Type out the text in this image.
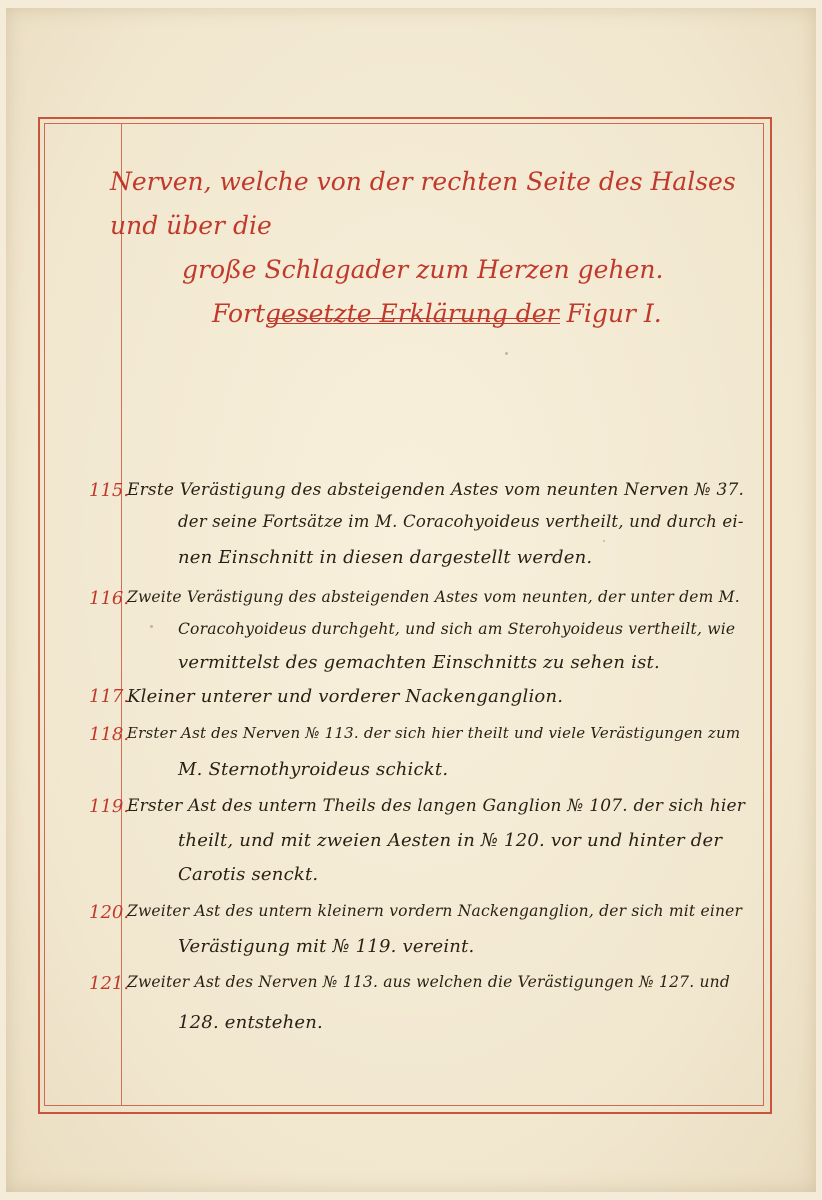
Nerven, welche von der rechten Seite des Halses und über die
große Schlagader zum Herzen gehen.
Fortgesetzte Erklärung der Figur I.
115.
Erste Verästigung des absteigenden Astes vom neunten Nerven № 37.
der seine Fortsätze im M. Coracohyoideus vertheilt, und durch ei-
nen Einschnitt in diesen dargestellt werden.
116.
Zweite Verästigung des absteigenden Astes vom neunten, der unter dem M.
Coracohyoideus durchgeht, und sich am Sterohyoideus vertheilt, wie
vermittelst des gemachten Einschnitts zu sehen ist.
117.
Kleiner unterer und vorderer Nackenganglion.
118.
Erster Ast des Nerven № 113. der sich hier theilt und viele Verästigungen zum
M. Sternothyroideus schickt.
119.
Erster Ast des untern Theils des langen Ganglion № 107. der sich hier
theilt, und mit zweien Aesten in № 120. vor und hinter der
Carotis senckt.
120.
Zweiter Ast des untern kleinern vordern Nackenganglion, der sich mit einer
Verästigung mit № 119. vereint.
121.
Zweiter Ast des Nerven № 113. aus welchen die Verästigungen № 127. und
128. entstehen.
